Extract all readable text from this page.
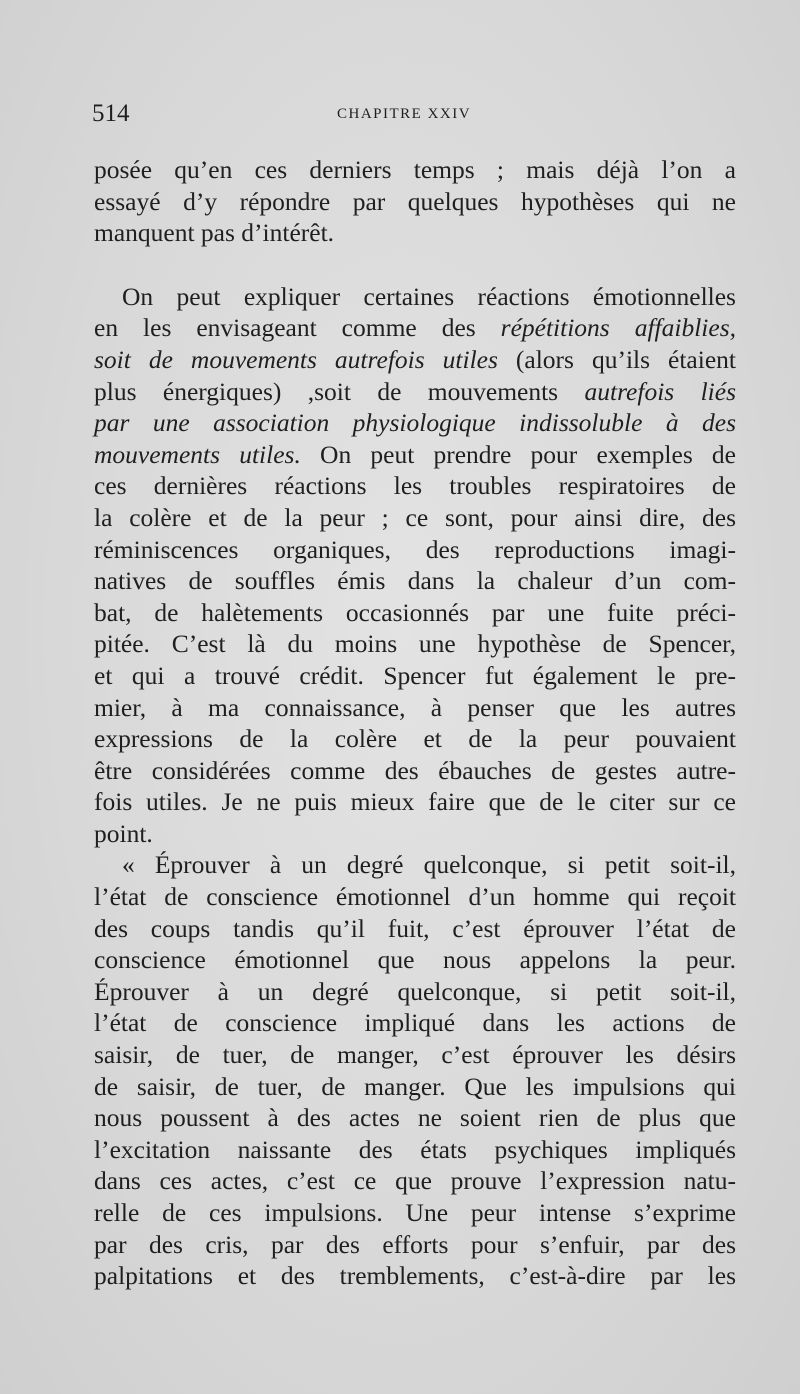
514	CHAPITRE XXIV
posée qu’en ces derniers temps ; mais déjà l’on a
essayé d’y répondre par quelques hypothèses qui ne
manquent pas d’intérêt.
On peut expliquer certaines réactions émotionnelles
en les envisageant comme des répétitions affaiblies,
soit de mouvements autrefois utiles (alors qu’ils étaient
plus énergiques) ,soit de mouvements autrefois liés
par une association physiologique indissoluble à des
mouvements utiles. On peut prendre pour exemples de
ces dernières réactions les troubles respiratoires de
la colère et de la peur ; ce sont, pour ainsi dire, des
réminiscences organiques, des reproductions imagi-
natives de souffles émis dans la chaleur d’un com-
bat, de halètements occasionnés par une fuite préci-
pitée. C’est là du moins une hypothèse de Spencer,
et qui a trouvé crédit. Spencer fut également le pre-
mier, à ma connaissance, à penser que les autres
expressions de la colère et de la peur pouvaient
être considérées comme des ébauches de gestes autre-
fois utiles. Je ne puis mieux faire que de le citer sur ce
point.
« Éprouver à un degré quelconque, si petit soit-il,
l’état de conscience émotionnel d’un homme qui reçoit
des coups tandis qu’il fuit, c’est éprouver l’état de
conscience émotionnel que nous appelons la peur.
Éprouver à un degré quelconque, si petit soit-il,
l’état de conscience impliqué dans les actions de
saisir, de tuer, de manger, c’est éprouver les désirs
de saisir, de tuer, de manger. Que les impulsions qui
nous poussent à des actes ne soient rien de plus que
l’excitation naissante des états psychiques impliqués
dans ces actes, c’est ce que prouve l’expression natu-
relle de ces impulsions. Une peur intense s’exprime
par des cris, par des efforts pour s’enfuir, par des
palpitations et des tremblements, c’est-à-dire par les
